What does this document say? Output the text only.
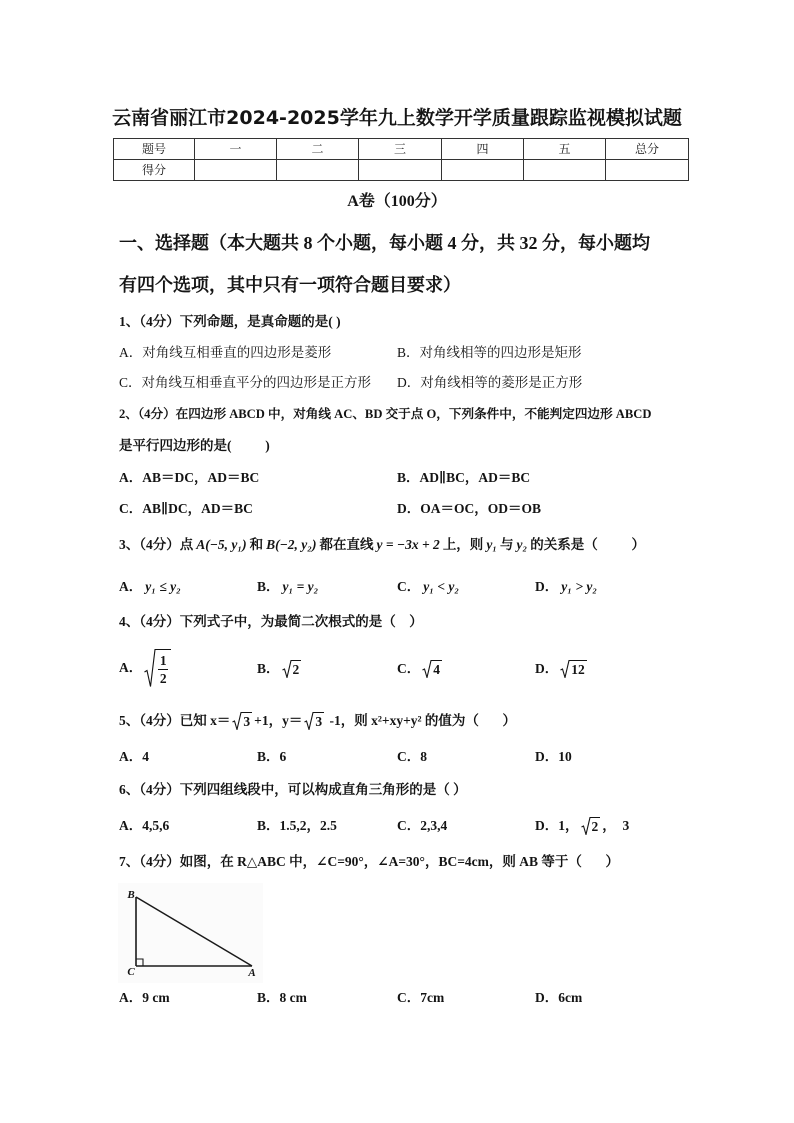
云南省丽江市2024-2025学年九上数学开学质量跟踪监视模拟试题
题号	一	二	三	四	五	总分
得分						
A卷（100分）
一、选择题（本大题共 8 个小题，每小题 4 分，共 32 分，每小题均
有四个选项，其中只有一项符合题目要求）
1、（4分）下列命题，是真命题的是( )
A． 对角线互相垂直的四边形是菱形	B． 对角线相等的四边形是矩形
C． 对角线互相垂直平分的四边形是正方形 D． 对角线相等的菱形是正方形
2、（4分）在四边形 ABCD 中，对角线 AC、BD 交于点 O，下列条件中，不能判定四边形 ABCD
是平行四边形的是(          )
A． AB＝DC，AD＝BC	B． AD∥BC，AD＝BC
C． AB∥DC，AD＝BC	D． OA＝OC，OD＝OB
3、（4分）点 A(−5, y₁) 和 B(−2, y₂) 都在直线 y = −3x + 2 上，则 y₁ 与 y₂ 的关系是（          ）
A． y₁ ≤ y₂	B． y₁ = y₂	C． y₁ < y₂	D． y₁ > y₂
4、（4分）下列式子中，为最简二次根式的是（    ）
A． $\frac{1}{2}$	B． 2	C． 4	D． 12
5、（4分）已知 x＝ 3 +1，y＝ 3 -1，则 x²+xy+y² 的值为（       ）
A． 4	B． 6	C． 8	D． 10
6、（4分）下列四组线段中，可以构成直角三角形的是（ ）
A． 4,5,6	B． 1.5,2，2.5	C． 2,3,4	D． 1， 2 ，  3
7、（4分）如图，在 R△ABC 中，∠C=90°，∠A=30°，BC=4cm，则 AB 等于（       ）
B
C	A
A． 9 cm	B． 8 cm	C． 7cm	D． 6cm
